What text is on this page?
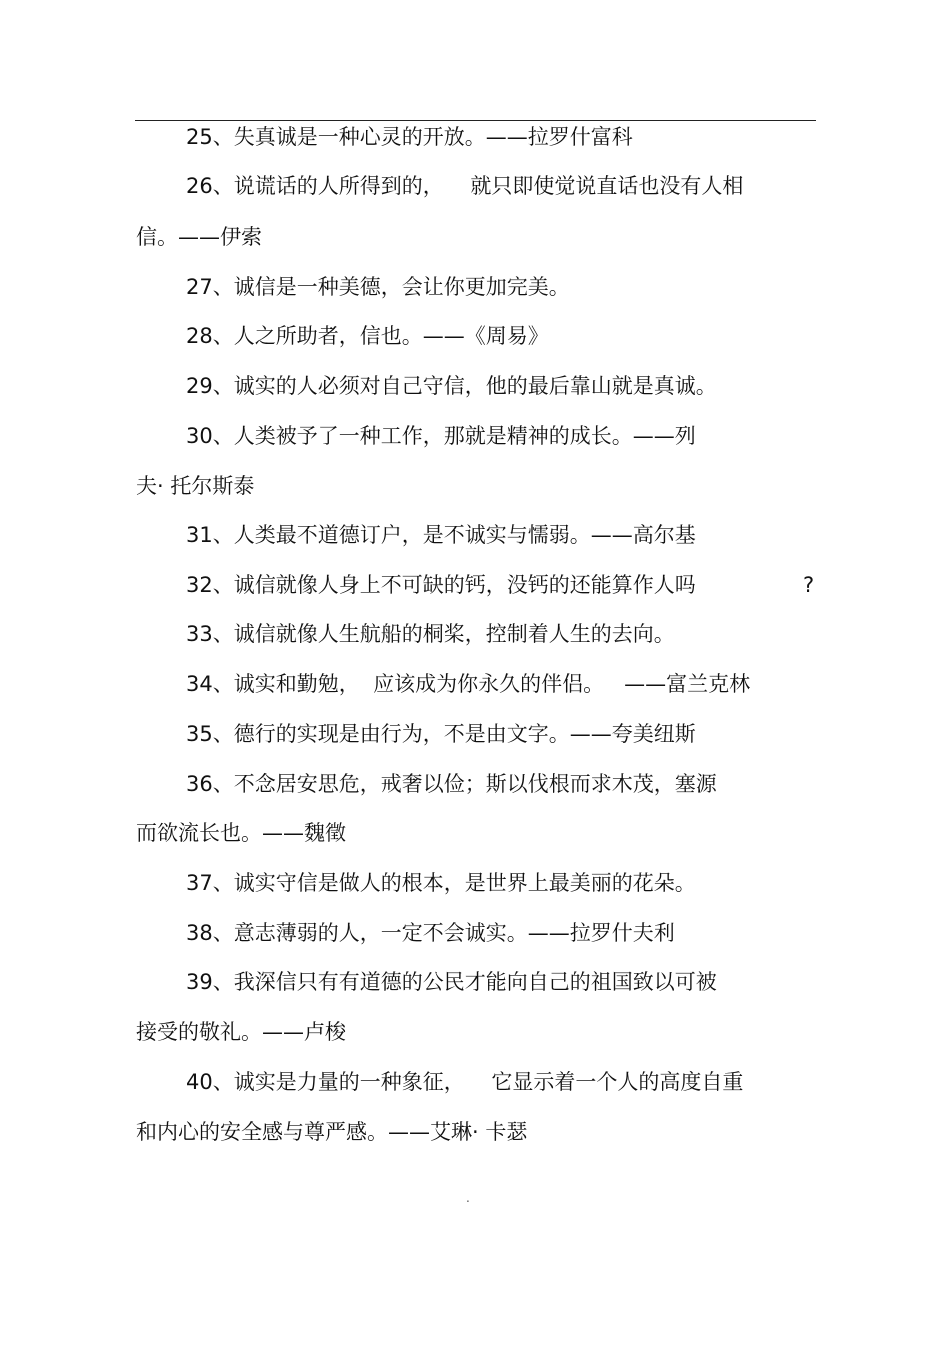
25、失真诚是一种心灵的开放。——拉罗什富科
26、说谎话的人所得到的，    就只即使觉说直话也没有人相
信。——伊索
27、诚信是一种美德，会让你更加完美。
28、人之所助者，信也。——《周易》
29、诚实的人必须对自己守信，他的最后靠山就是真诚。
30、人类被予了一种工作，那就是精神的成长。——列
夫· 托尔斯泰
31、人类最不道德订户，是不诚实与懦弱。——高尔基
32、诚信就像人身上不可缺的钙，没钙的还能算作人吗	?
33、诚信就像人生航船的桐桨，控制着人生的去向。
34、诚实和勤勉，  应该成为你永久的伴侣。   ——富兰克林
35、德行的实现是由行为，不是由文字。——夸美纽斯
36、不念居安思危，戒奢以俭；斯以伐根而求木茂，塞源
而欲流长也。——魏徵
37、诚实守信是做人的根本，是世界上最美丽的花朵。
38、意志薄弱的人，一定不会诚实。——拉罗什夫利
39、我深信只有有道德的公民才能向自己的祖国致以可被
接受的敬礼。——卢梭
40、诚实是力量的一种象征，    它显示着一个人的高度自重
和内心的安全感与尊严感。——艾琳· 卡瑟
.
